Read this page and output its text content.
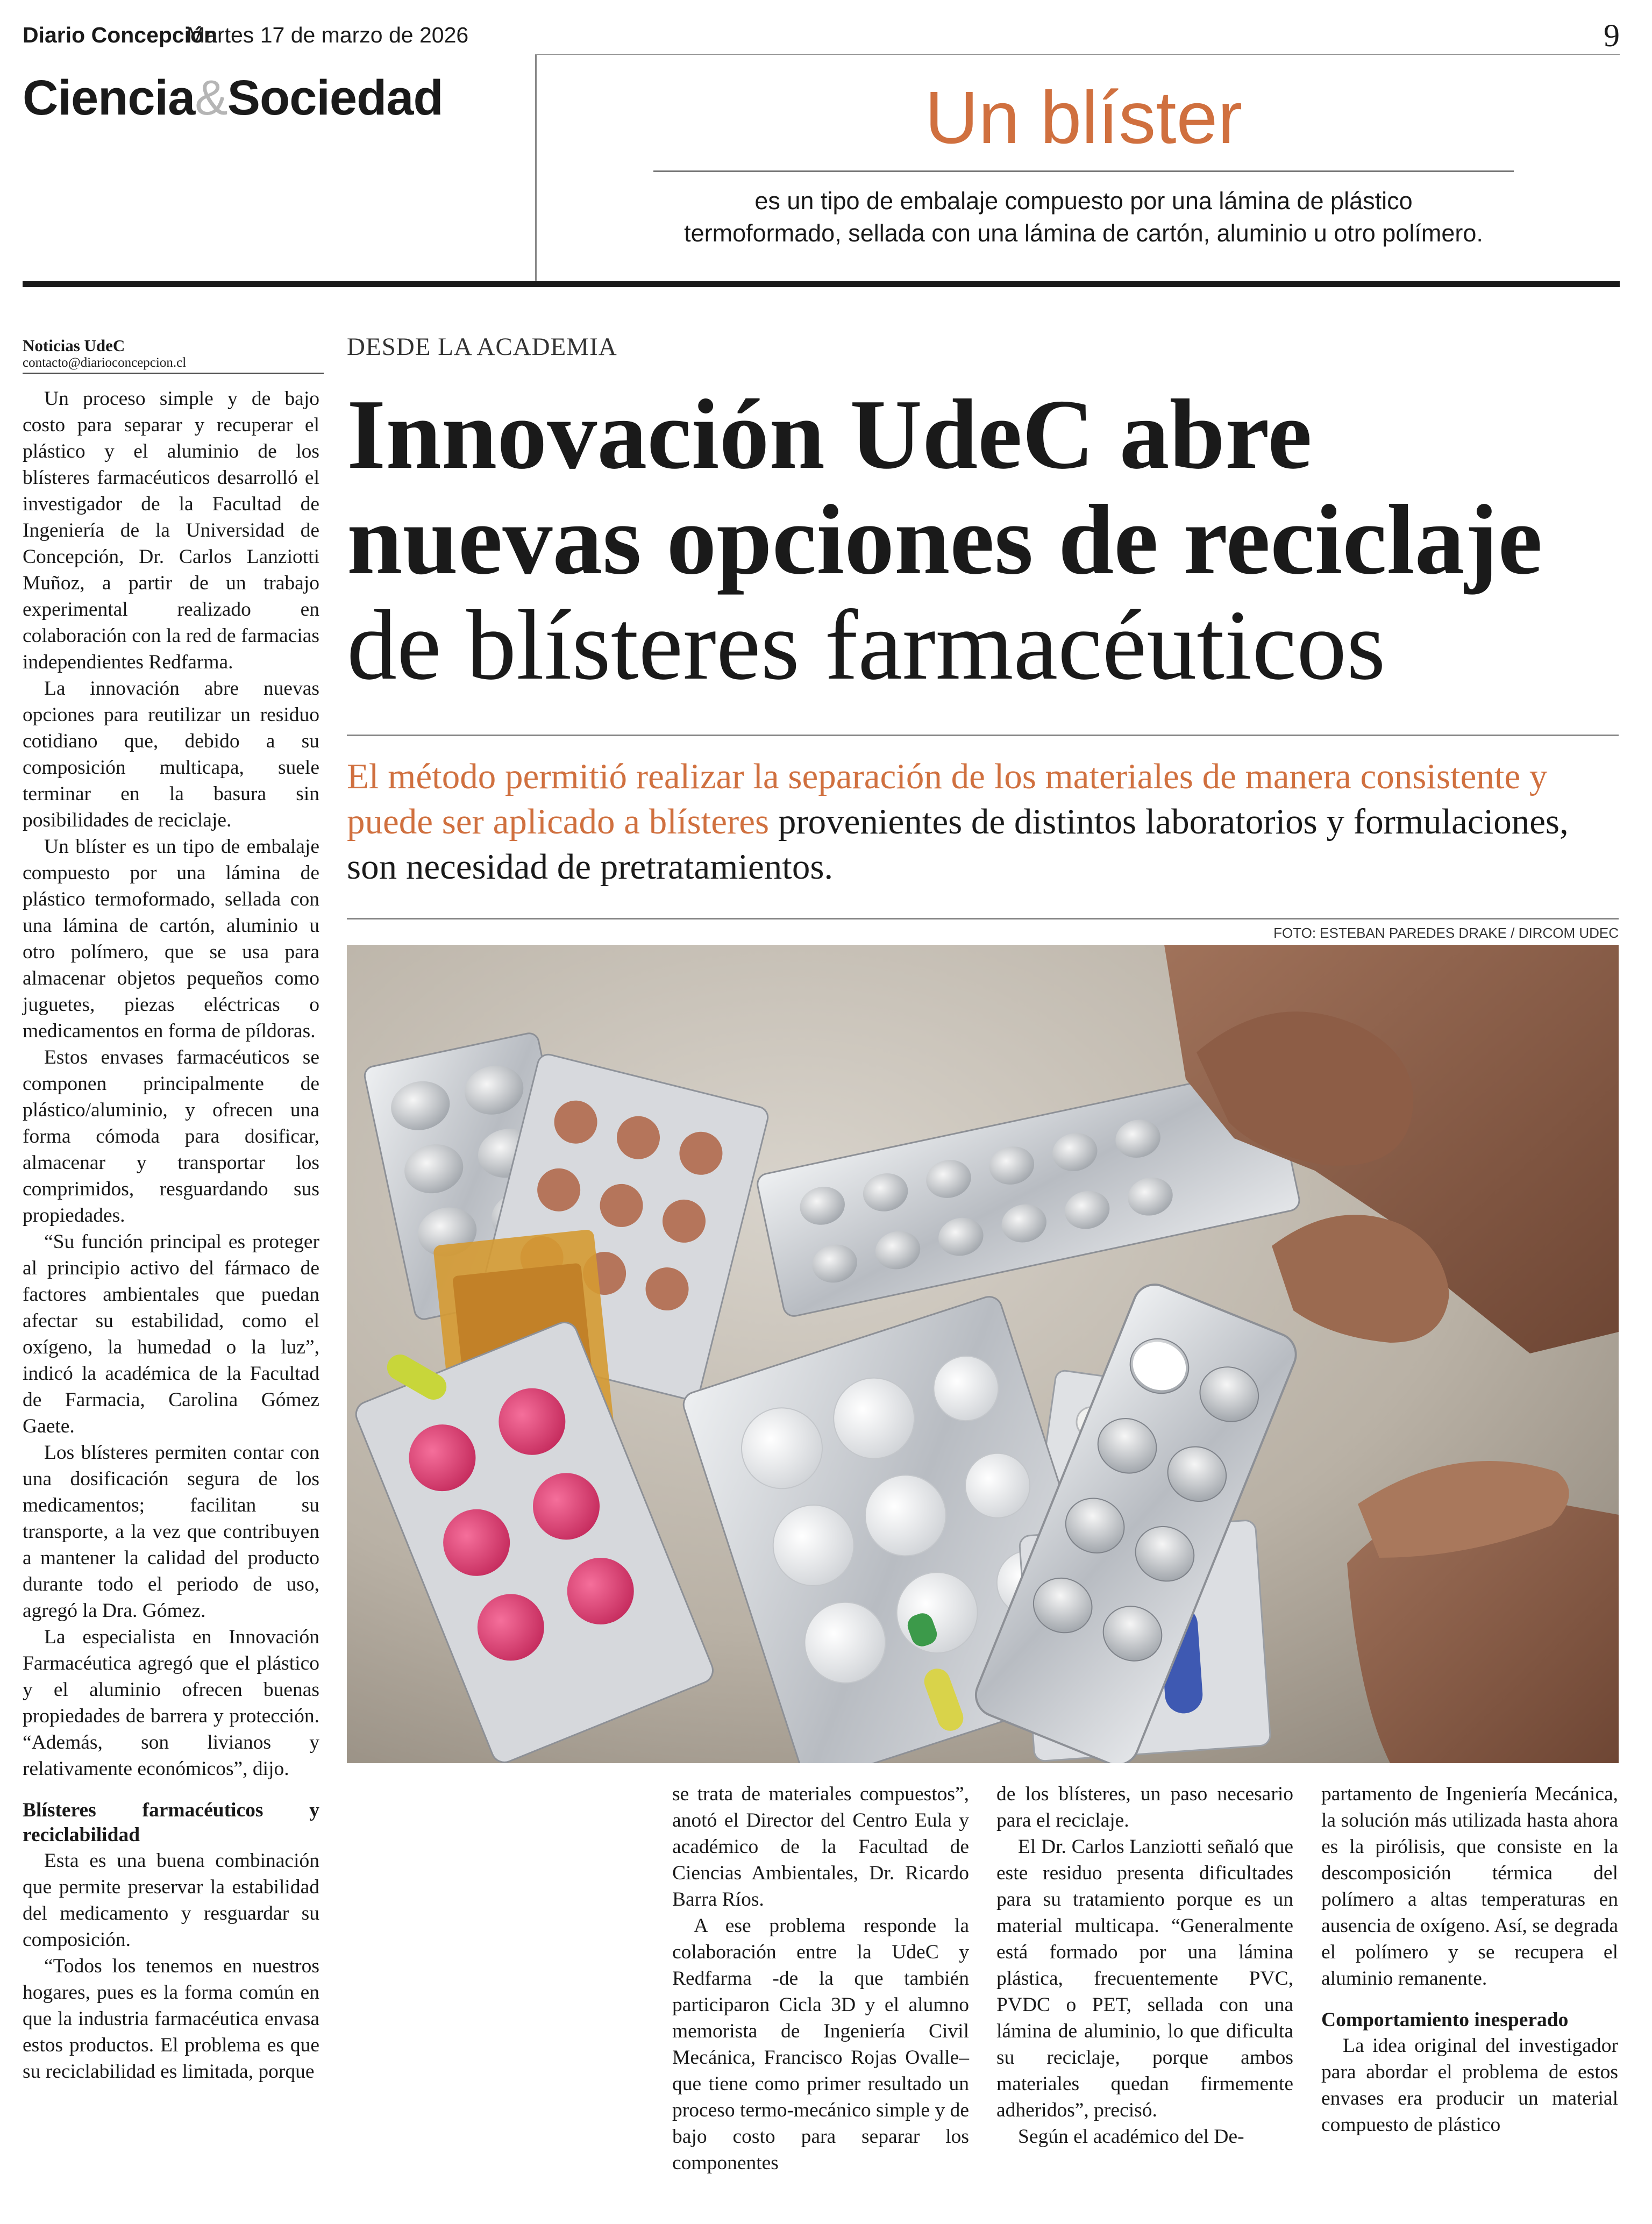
Diario Concepción
Martes 17 de marzo de 2026	9
Ciencia&Sociedad	Un blíster
es un tipo de embalaje compuesto por una lámina de plástico
termoformado, sellada con una lámina de cartón, aluminio u otro polímero.
Noticias UdeC
contacto@diarioconcepcion.cl

Un proceso simple y de bajo costo para separar y recuperar el plástico y el aluminio de los blísteres farmacéuticos desarrolló el investigador de la Facultad de Ingeniería de la Universidad de Concepción, Dr. Carlos Lanziotti Muñoz, a partir de un trabajo experimental realizado en colaboración con la red de farmacias independientes Redfarma.

La innovación abre nuevas opciones para reutilizar un residuo cotidiano que, debido a su composición multicapa, suele terminar en la basura sin posibilidades de reciclaje.

Un blíster es un tipo de embalaje compuesto por una lámina de plástico termoformado, sellada con una lámina de cartón, aluminio u otro polímero, que se usa para almacenar objetos pequeños como juguetes, piezas eléctricas o medicamentos en forma de píldoras.

Estos envases farmacéuticos se componen principalmente de plástico/aluminio, y ofrecen una forma cómoda para dosificar, almacenar y transportar los comprimidos, resguardando sus propiedades.

“Su función principal es proteger al principio activo del fármaco de factores ambientales que puedan afectar su estabilidad, como el oxígeno, la humedad o la luz”, indicó la académica de la Facultad de Farmacia, Carolina Gómez Gaete.

Los blísteres permiten contar con una dosificación segura de los medicamentos; facilitan su transporte, a la vez que contribuyen a mantener la calidad del producto durante todo el periodo de uso, agregó la Dra. Gómez.

La especialista en Innovación Farmacéutica agregó que el plástico y el aluminio ofrecen buenas propiedades de barrera y protección. “Además, son livianos y relativamente económicos”, dijo.

Blísteres farmacéuticos y reciclabilidad

Esta es una buena combinación que permite preservar la estabilidad del medicamento y resguardar su composición.

“Todos los tenemos en nuestros hogares, pues es la forma común en que la industria farmacéutica envasa estos productos. El problema es que su reciclabilidad es limitada, porque

DESDE LA ACADEMIA
Innovación UdeC abre
nuevas opciones de reciclaje
de blísteres farmacéuticos
El método permitió realizar la separación de los materiales de manera consistente y puede ser aplicado a blísteres provenientes de distintos laboratorios y formulaciones, son necesidad de pretratamientos.
FOTO: ESTEBAN PAREDES DRAKE / DIRCOM UDEC

se trata de materiales compuestos”, anotó el Director del Centro Eula y académico de la Facultad de Ciencias Ambientales, Dr. Ricardo Barra Ríos.

A ese problema responde la colaboración entre la UdeC y Redfarma -de la que también participaron Cicla 3D y el alumno memorista de Ingeniería Civil Mecánica, Francisco Rojas Ovalle– que tiene como primer resultado un proceso termo-mecánico simple y de bajo costo para separar los componentes

de los blísteres, un paso necesario para el reciclaje.

El Dr. Carlos Lanziotti señaló que este residuo presenta dificultades para su tratamiento porque es un material multicapa. “Generalmente está formado por una lámina plástica, frecuentemente PVC, PVDC o PET, sellada con una lámina de aluminio, lo que dificulta su reciclaje, porque ambos materiales quedan firmemente adheridos”, precisó.

Según el académico del De-

partamento de Ingeniería Mecánica, la solución más utilizada hasta ahora es la pirólisis, que consiste en la descomposición térmica del polímero a altas temperaturas en ausencia de oxígeno. Así, se degrada el polímero y se recupera el aluminio remanente.

Comportamiento inesperado

La idea original del investigador para abordar el problema de estos envases era producir un material compuesto de plástico
